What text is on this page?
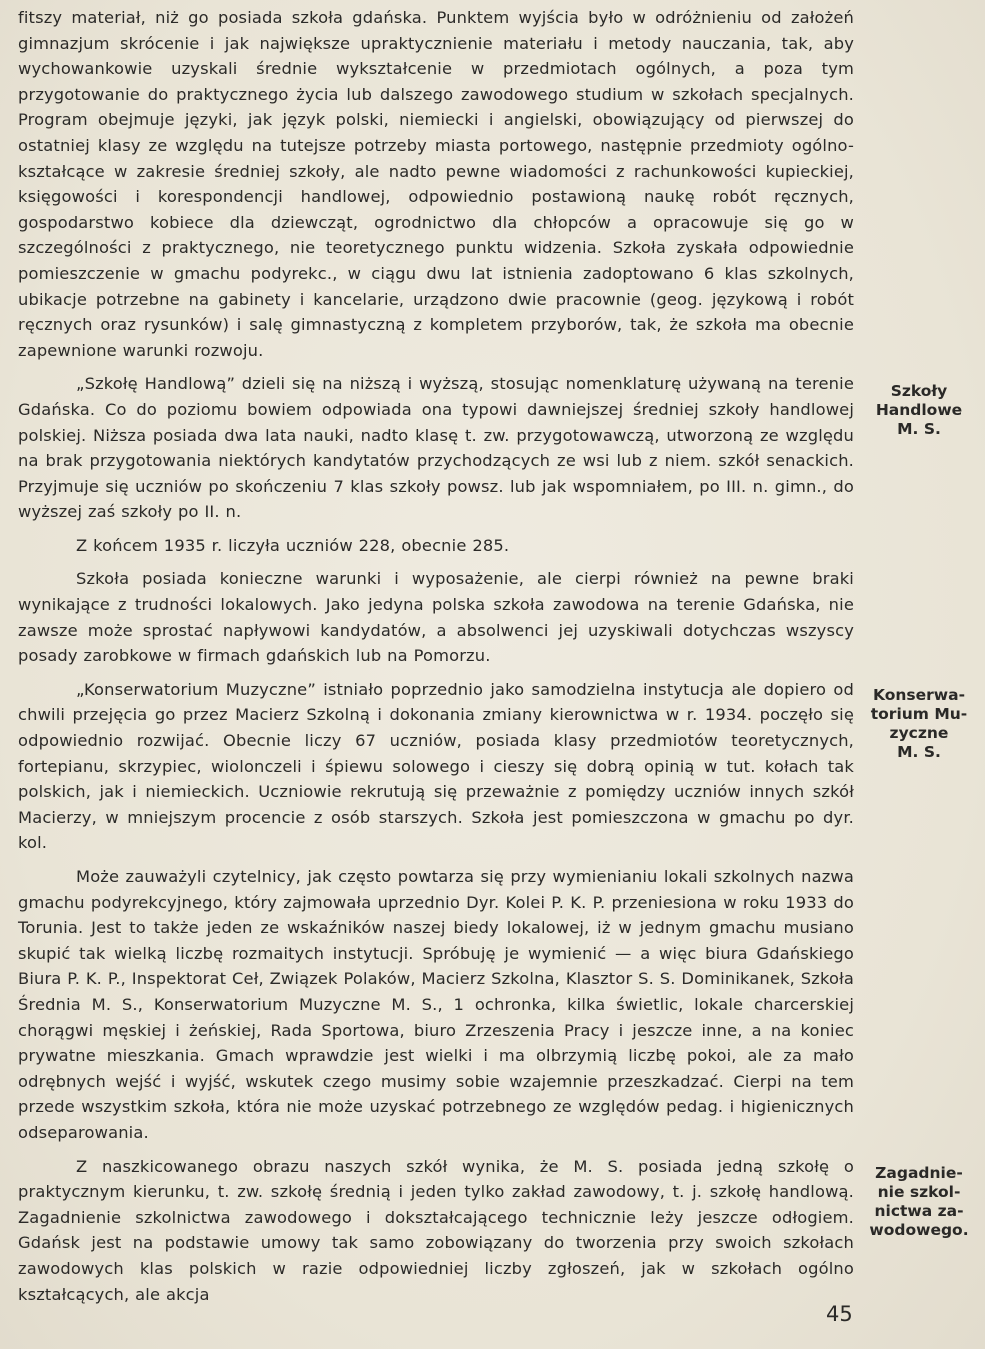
fitszy materiał, niż go posiada szkoła gdańska. Punktem wyjścia było w odróżnieniu od założeń gimnazjum skrócenie i jak największe upraktycznienie materiału i metody nauczania, tak, aby wychowankowie uzyskali średnie wykształcenie w przedmiotach ogólnych, a poza tym przygotowanie do praktycznego życia lub dalszego zawodowego studium w szkołach specjalnych. Program obejmuje języki, jak język polski, niemiecki i angielski, obowiązujący od pierwszej do ostatniej klasy ze względu na tutejsze potrzeby miasta portowego, następnie przedmioty ogólno-kształcące w zakresie średniej szkoły, ale nadto pewne wiadomości z rachunkowości kupieckiej, księgowości i korespondencji handlowej, odpowiednio postawioną naukę robót ręcznych, gospodarstwo kobiece dla dziewcząt, ogrodnictwo dla chłopców a opracowuje się go w szczególności z praktycznego, nie teoretycznego punktu widzenia. Szkoła zyskała odpowiednie pomieszczenie w gmachu podyrekc., w ciągu dwu lat istnienia zadoptowano 6 klas szkolnych, ubikacje potrzebne na gabinety i kancelarie, urządzono dwie pracownie (geog. językową i robót ręcznych oraz rysunków) i salę gimnastyczną z kompletem przyborów, tak, że szkoła ma obecnie zapewnione warunki rozwoju.

„Szkołę Handlową” dzieli się na niższą i wyższą, stosując nomenklaturę używaną na terenie Gdańska. Co do poziomu bowiem odpowiada ona typowi dawniejszej średniej szkoły handlowej polskiej. Niższa posiada dwa lata nauki, nadto klasę t. zw. przygotowawczą, utworzoną ze względu na brak przygotowania niektórych kandytatów przychodzących ze wsi lub z niem. szkół senackich. Przyjmuje się uczniów po skończeniu 7 klas szkoły powsz. lub jak wspomniałem, po III. n. gimn., do wyższej zaś szkoły po II. n.

Z końcem 1935 r. liczyła uczniów 228, obecnie 285.

Szkoła posiada konieczne warunki i wyposażenie, ale cierpi również na pewne braki wynikające z trudności lokalowych. Jako jedyna polska szkoła zawodowa na terenie Gdańska, nie zawsze może sprostać napływowi kandydatów, a absolwenci jej uzyskiwali dotychczas wszyscy posady zarobkowe w firmach gdańskich lub na Pomorzu.

„Konserwatorium Muzyczne” istniało poprzednio jako samodzielna instytucja ale dopiero od chwili przejęcia go przez Macierz Szkolną i dokonania zmiany kierownictwa w r. 1934. poczęło się odpowiednio rozwijać. Obecnie liczy 67 uczniów, posiada klasy przedmiotów teoretycznych, fortepianu, skrzypiec, wiolonczeli i śpiewu solowego i cieszy się dobrą opinią w tut. kołach tak polskich, jak i niemieckich. Uczniowie rekrutują się przeważnie z pomiędzy uczniów innych szkół Macierzy, w mniejszym procencie z osób starszych. Szkoła jest pomieszczona w gmachu po dyr. kol.

Może zauważyli czytelnicy, jak często powtarza się przy wymienianiu lokali szkolnych nazwa gmachu podyrekcyjnego, który zajmowała uprzednio Dyr. Kolei P. K. P. przeniesiona w roku 1933 do Torunia. Jest to także jeden ze wskaźników naszej biedy lokalowej, iż w jednym gmachu musiano skupić tak wielką liczbę rozmaitych instytucji. Spróbuję je wymienić — a więc biura Gdańskiego Biura P. K. P., Inspektorat Ceł, Związek Polaków, Macierz Szkolna, Klasztor S. S. Dominikanek, Szkoła Średnia M. S., Konserwatorium Muzyczne M. S., 1 ochronka, kilka świetlic, lokale charcerskiej chorągwi męskiej i żeńskiej, Rada Sportowa, biuro Zrzeszenia Pracy i jeszcze inne, a na koniec prywatne mieszkania. Gmach wprawdzie jest wielki i ma olbrzymią liczbę pokoi, ale za mało odrębnych wejść i wyjść, wskutek czego musimy sobie wzajemnie przeszkadzać. Cierpi na tem przede wszystkim szkoła, która nie może uzyskać potrzebnego ze względów pedag. i higienicznych odseparowania.

Z naszkicowanego obrazu naszych szkół wynika, że M. S. posiada jedną szkołę o praktycznym kierunku, t. zw. szkołę średnią i jeden tylko zakład zawodowy, t. j. szkołę handlową. Zagadnienie szkolnictwa zawodowego i dokształcającego technicznie leży jeszcze odłogiem. Gdańsk jest na podstawie umowy tak samo zobowiązany do tworzenia przy swoich szkołach zawodowych klas polskich w razie odpowiedniej liczby zgłoszeń, jak w szkołach ogólno kształcących, ale akcja

Szkoły
Handlowe
M. S.
Konserwa-
torium Mu-
zyczne
M. S.
Zagadnie-
nie szkol-
nictwa za-
wodowego.
45
